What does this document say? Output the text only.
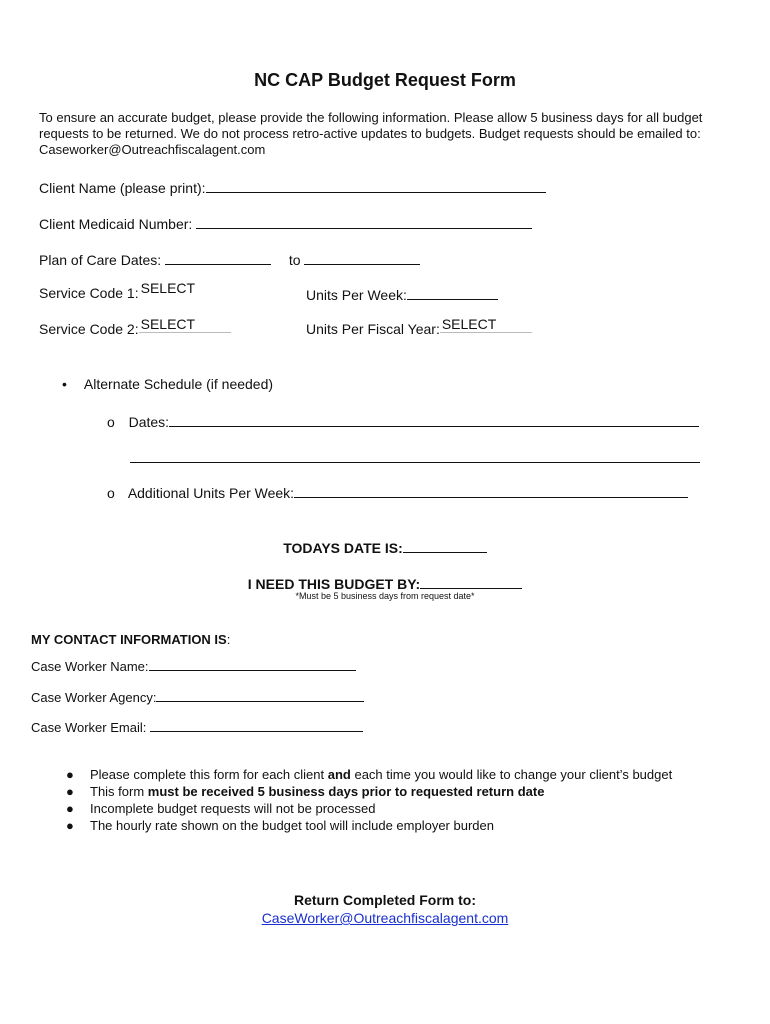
NC CAP Budget Request Form
To ensure an accurate budget, please provide the following information. Please allow 5 business days for all budget requests to be returned. We do not process retro-active updates to budgets. Budget requests should be emailed to: Caseworker@Outreachfiscalagent.com
Client Name (please print):
Client Medicaid Number:
Plan of Care Dates:	to
Service Code 1: SELECT	Units Per Week:
Service Code 2: SELECT	Units Per Fiscal Year: SELECT
• Alternate Schedule (if needed)
o Dates:
o Additional Units Per Week:
TODAYS DATE IS:
I NEED THIS BUDGET BY:
*Must be 5 business days from request date*
MY CONTACT INFORMATION IS:
Case Worker Name:
Case Worker Agency:
Case Worker Email:
● Please complete this form for each client and each time you would like to change your client’s budget
● This form must be received 5 business days prior to requested return date
● Incomplete budget requests will not be processed
● The hourly rate shown on the budget tool will include employer burden
Return Completed Form to:
CaseWorker@Outreachfiscalagent.com
